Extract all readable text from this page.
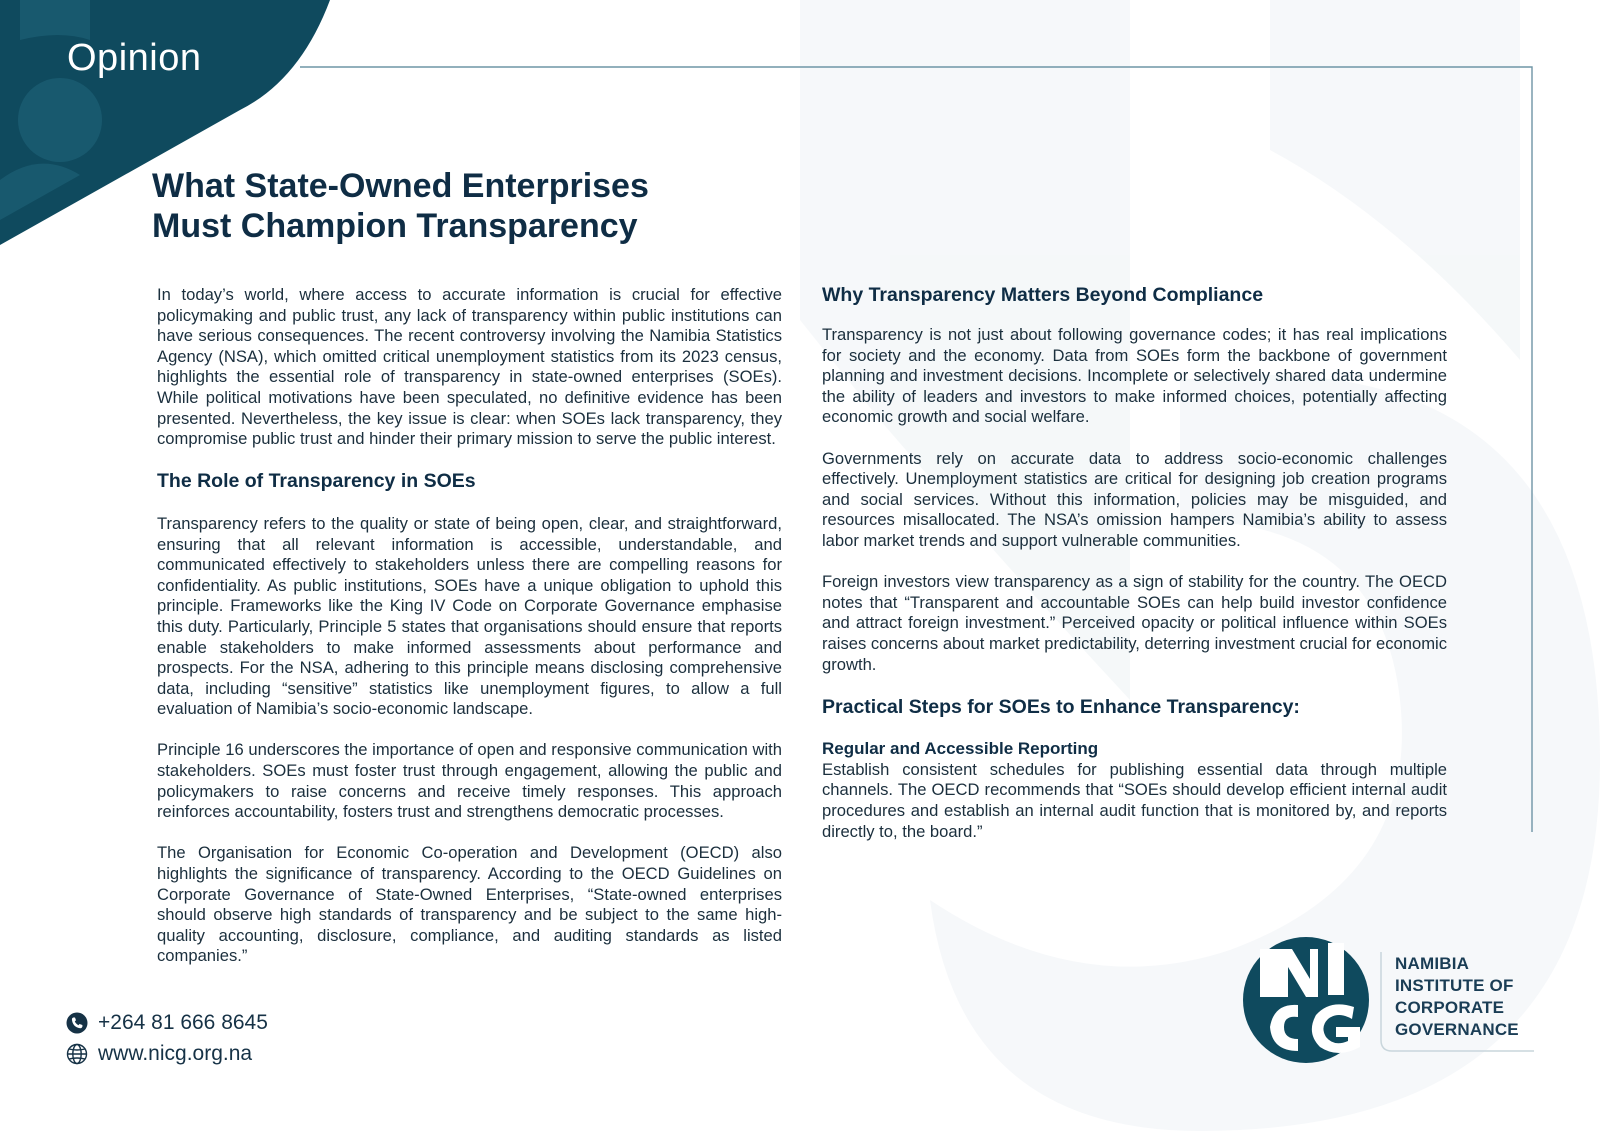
Opinion
What State-Owned Enterprises
Must Champion Transparency

In today’s world, where access to accurate information is crucial for effective policymaking and public trust, any lack of transparency within public institutions can have serious consequences. The recent controversy involving the Namibia Statistics Agency (NSA), which omitted critical unemployment statistics from its 2023 census, highlights the essential role of transparency in state-owned enterprises (SOEs). While political motivations have been speculated, no definitive evidence has been presented. Nevertheless, the key issue is clear: when SOEs lack transparency, they compromise public trust and hinder their primary mission to serve the public interest.

The Role of Transparency in SOEs

Transparency refers to the quality or state of being open, clear, and straightforward, ensuring that all relevant information is accessible, understandable, and communicated effectively to stakeholders unless there are compelling reasons for confidentiality. As public institutions, SOEs have a unique obligation to uphold this principle. Frameworks like the King IV Code on Corporate Governance emphasise this duty. Particularly, Principle 5 states that organisations should ensure that reports enable stakeholders to make informed assessments about performance and prospects. For the NSA, adhering to this principle means disclosing comprehensive data, including “sensitive” statistics like unemployment figures, to allow a full evaluation of Namibia’s socio-economic landscape.

Principle 16 underscores the importance of open and responsive communication with stakeholders. SOEs must foster trust through engagement, allowing the public and policymakers to raise concerns and receive timely responses. This approach reinforces accountability, fosters trust and strengthens democratic processes.

The Organisation for Economic Co-operation and Development (OECD) also highlights the significance of transparency. According to the OECD Guidelines on Corporate Governance of State-Owned Enterprises, “State-owned enterprises should observe high standards of transparency and be subject to the same high-quality accounting, disclosure, compliance, and auditing standards as listed companies.”

Why Transparency Matters Beyond Compliance

Transparency is not just about following governance codes; it has real implications for society and the economy. Data from SOEs form the backbone of government planning and investment decisions. Incomplete or selectively shared data undermine the ability of leaders and investors to make informed choices, potentially affecting economic growth and social welfare.

Governments rely on accurate data to address socio-economic challenges effectively. Unemployment statistics are critical for designing job creation programs and social services. Without this information, policies may be misguided, and resources misallocated. The NSA’s omission hampers Namibia’s ability to assess labor market trends and support vulnerable communities.

Foreign investors view transparency as a sign of stability for the country. The OECD notes that “Transparent and accountable SOEs can help build investor confidence and attract foreign investment.” Perceived opacity or political influence within SOEs raises concerns about market predictability, deterring investment crucial for economic growth.

Practical Steps for SOEs to Enhance Transparency:
Regular and Accessible Reporting

Establish consistent schedules for publishing essential data through multiple channels. The OECD recommends that “SOEs should develop efficient internal audit procedures and establish an internal audit function that is monitored by, and reports directly to, the board.”

+264 81 666 8645
www.nicg.org.na
NAMIBIA
INSTITUTE OF
CORPORATE
GOVERNANCE
